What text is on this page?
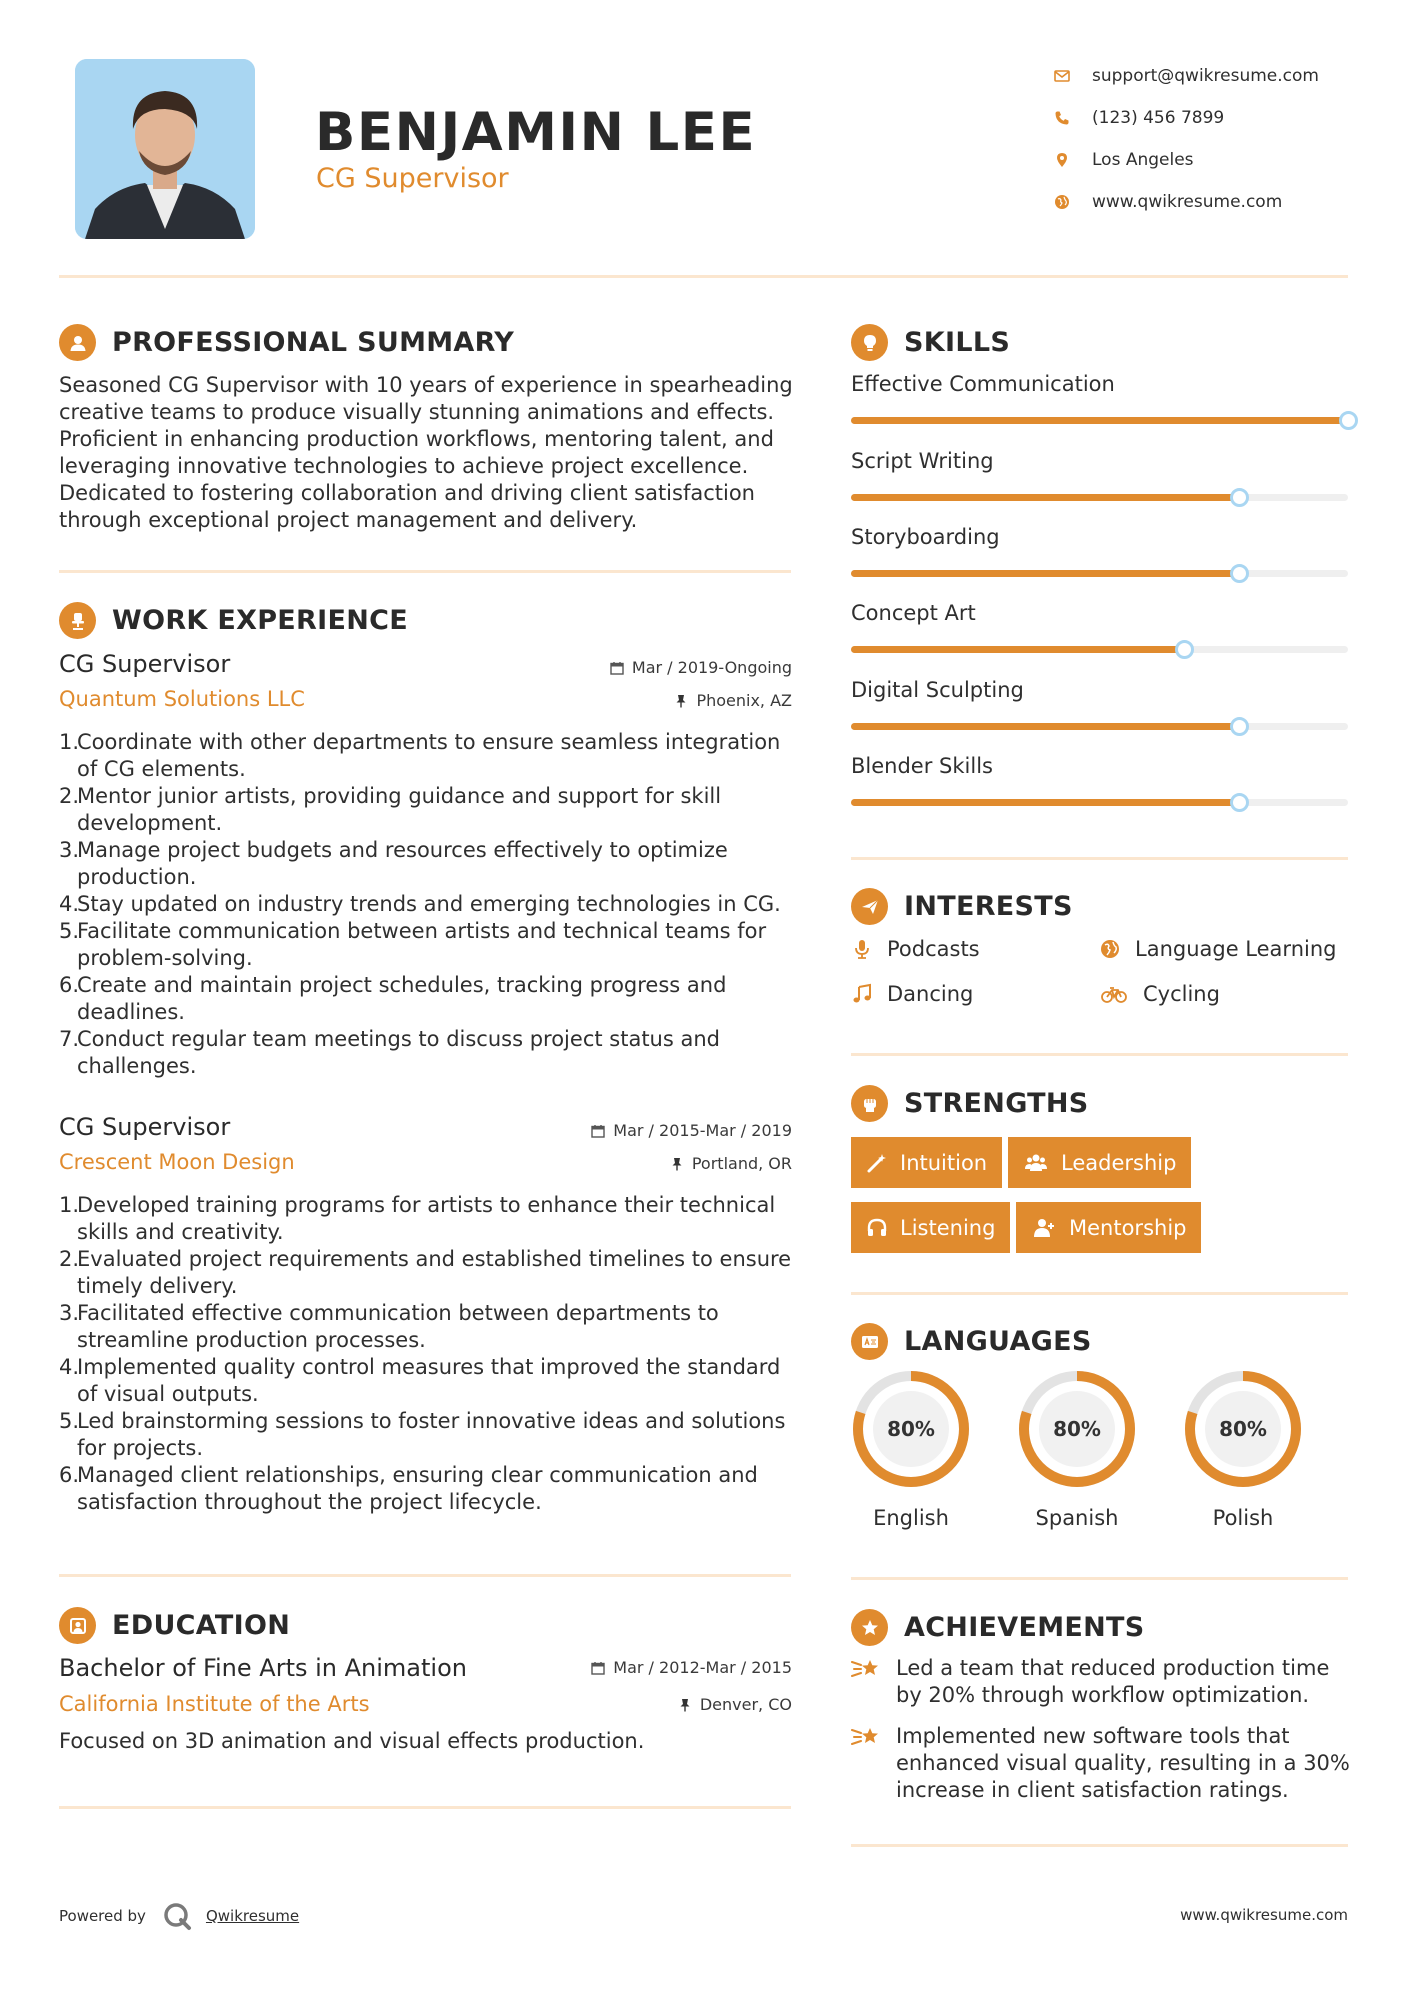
BENJAMIN LEE
CG Supervisor
support@qwikresume.com
(123) 456 7899
Los Angeles
www.qwikresume.com
PROFESSIONAL SUMMARY
Seasoned CG Supervisor with 10 years of experience in spearheading creative teams to produce visually stunning animations and effects. Proficient in enhancing production workflows, mentoring talent, and leveraging innovative technologies to achieve project excellence. Dedicated to fostering collaboration and driving client satisfaction through exceptional project management and delivery.
WORK EXPERIENCE
CG Supervisor
Quantum Solutions LLC
Mar / 2019-Ongoing
Phoenix, AZ
1.
Coordinate with other departments to ensure seamless integration of CG elements.
2.
Mentor junior artists, providing guidance and support for skill development.
3.
Manage project budgets and resources effectively to optimize production.
4.
Stay updated on industry trends and emerging technologies in CG.
5.
Facilitate communication between artists and technical teams for problem-solving.
6.
Create and maintain project schedules, tracking progress and deadlines.
7.
Conduct regular team meetings to discuss project status and challenges.
CG Supervisor
Crescent Moon Design
Mar / 2015-Mar / 2019
Portland, OR
1.
Developed training programs for artists to enhance their technical skills and creativity.
2.
Evaluated project requirements and established timelines to ensure timely delivery.
3.
Facilitated effective communication between departments to streamline production processes.
4.
Implemented quality control measures that improved the standard of visual outputs.
5.
Led brainstorming sessions to foster innovative ideas and solutions for projects.
6.
Managed client relationships, ensuring clear communication and satisfaction throughout the project lifecycle.
EDUCATION
Bachelor of Fine Arts in Animation
California Institute of the Arts
Mar / 2012-Mar / 2015
Denver, CO
Focused on 3D animation and visual effects production.
SKILLS
Effective Communication
Script Writing
Storyboarding
Concept Art
Digital Sculpting
Blender Skills
INTERESTS
Podcasts	Language Learning
Dancing	Cycling
STRENGTHS
Intuition	Leadership
Listening	Mentorship
LANGUAGES
80%
English
80%
Spanish
80%
Polish
ACHIEVEMENTS
Led a team that reduced production time by 20% through workflow optimization.
Implemented new software tools that enhanced visual quality, resulting in a 30% increase in client satisfaction ratings.
Powered by	Qwikresume	www.qwikresume.com
